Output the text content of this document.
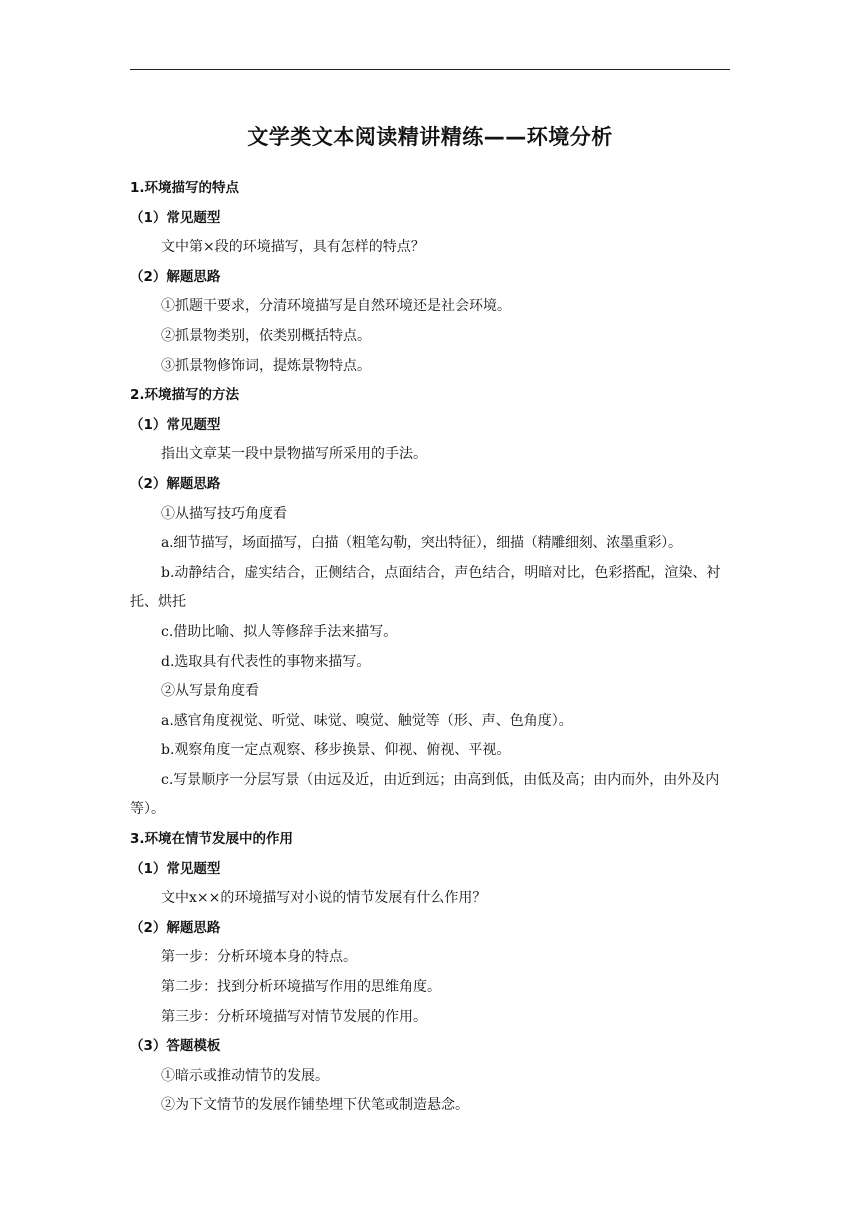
文学类文本阅读精讲精练——环境分析
1.环境描写的特点
（1）常见题型
文中第×段的环境描写，具有怎样的特点？
（2）解题思路
①抓题干要求，分清环境描写是自然环境还是社会环境。
②抓景物类别，依类别概括特点。
③抓景物修饰词，提炼景物特点。
2.环境描写的方法
（1）常见题型
指出文章某一段中景物描写所采用的手法。
（2）解题思路
①从描写技巧角度看
a.细节描写，场面描写，白描（粗笔勾勒，突出特征），细描（精雕细刻、浓墨重彩）。
b.动静结合，虚实结合，正侧结合，点面结合，声色结合，明暗对比，色彩搭配，渲染、衬托、烘托
c.借助比喻、拟人等修辞手法来描写。
d.选取具有代表性的事物来描写。
②从写景角度看
a.感官角度视觉、听觉、味觉、嗅觉、触觉等（形、声、色角度）。
b.观察角度一定点观察、移步换景、仰视、俯视、平视。
c.写景顺序一分层写景（由远及近，由近到远；由高到低，由低及高；由内而外，由外及内等）。
3.环境在情节发展中的作用
（1）常见题型
文中x××的环境描写对小说的情节发展有什么作用？
（2）解题思路
第一步：分析环境本身的特点。
第二步：找到分析环境描写作用的思维角度。
第三步：分析环境描写对情节发展的作用。
（3）答题模板
①暗示或推动情节的发展。
②为下文情节的发展作铺垫埋下伏笔或制造悬念。
